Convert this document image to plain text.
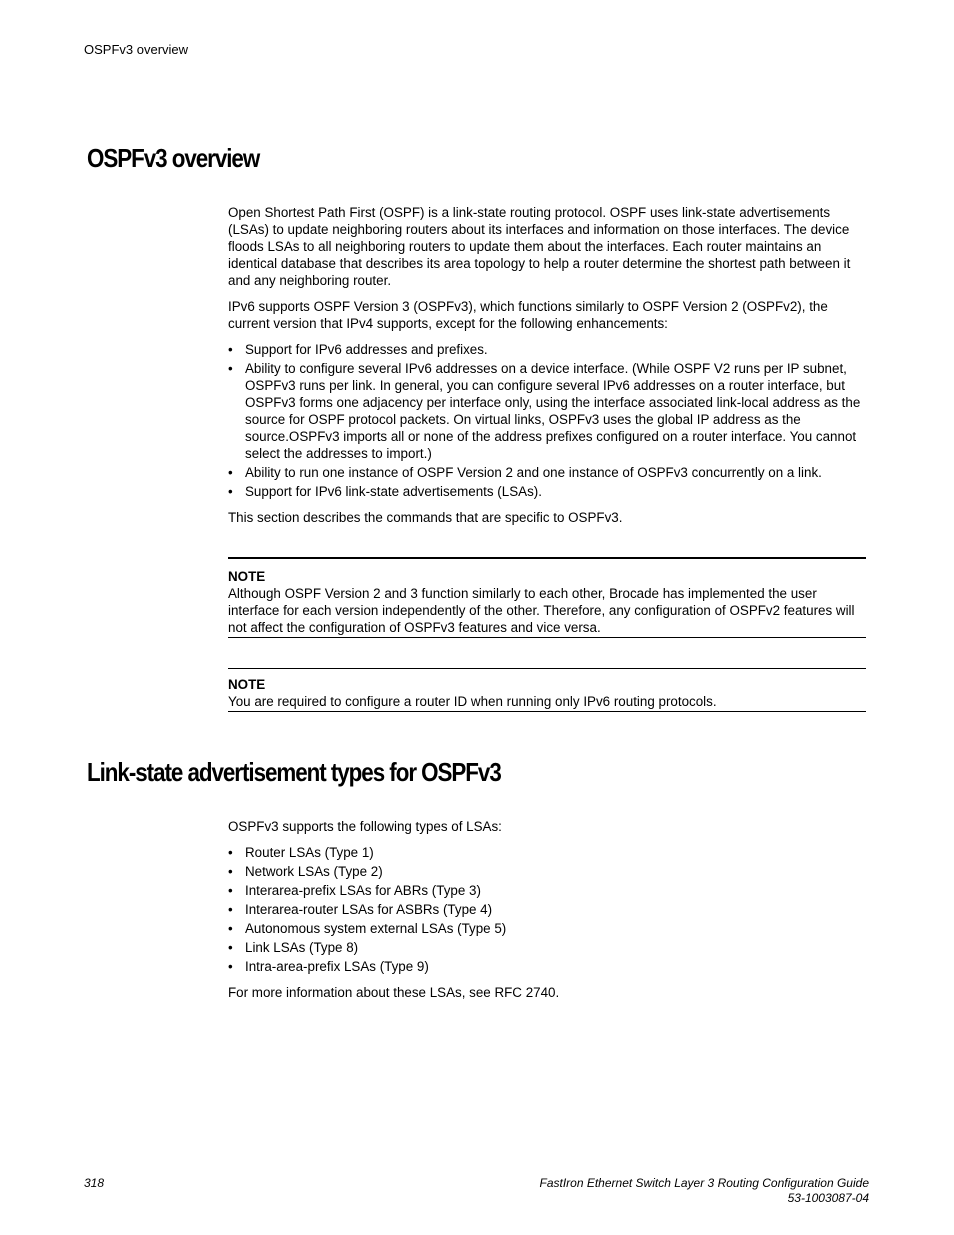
OSPFv3 overview
OSPFv3 overview

Open Shortest Path First (OSPF) is a link-state routing protocol. OSPF uses link-state advertisements (LSAs) to update neighboring routers about its interfaces and information on those interfaces. The device floods LSAs to all neighboring routers to update them about the interfaces. Each router maintains an identical database that describes its area topology to help a router determine the shortest path between it and any neighboring router.

IPv6 supports OSPF Version 3 (OSPFv3), which functions similarly to OSPF Version 2 (OSPFv2), the current version that IPv4 supports, except for the following enhancements:

• Support for IPv6 addresses and prefixes.
• Ability to configure several IPv6 addresses on a device interface. (While OSPF V2 runs per IP subnet, OSPFv3 runs per link. In general, you can configure several IPv6 addresses on a router interface, but OSPFv3 forms one adjacency per interface only, using the interface associated link-local address as the source for OSPF protocol packets. On virtual links, OSPFv3 uses the global IP address as the source.OSPFv3 imports all or none of the address prefixes configured on a router interface. You cannot select the addresses to import.)
• Ability to run one instance of OSPF Version 2 and one instance of OSPFv3 concurrently on a link.
• Support for IPv6 link-state advertisements (LSAs).

This section describes the commands that are specific to OSPFv3.

NOTE
Although OSPF Version 2 and 3 function similarly to each other, Brocade has implemented the user interface for each version independently of the other. Therefore, any configuration of OSPFv2 features will not affect the configuration of OSPFv3 features and vice versa.
NOTE
You are required to configure a router ID when running only IPv6 routing protocols.
Link-state advertisement types for OSPFv3

OSPFv3 supports the following types of LSAs:

• Router LSAs (Type 1)
• Network LSAs (Type 2)
• Interarea-prefix LSAs for ABRs (Type 3)
• Interarea-router LSAs for ASBRs (Type 4)
• Autonomous system external LSAs (Type 5)
• Link LSAs (Type 8)
• Intra-area-prefix LSAs (Type 9)

For more information about these LSAs, see RFC 2740.

318	FastIron Ethernet Switch Layer 3 Routing Configuration Guide
53-1003087-04
